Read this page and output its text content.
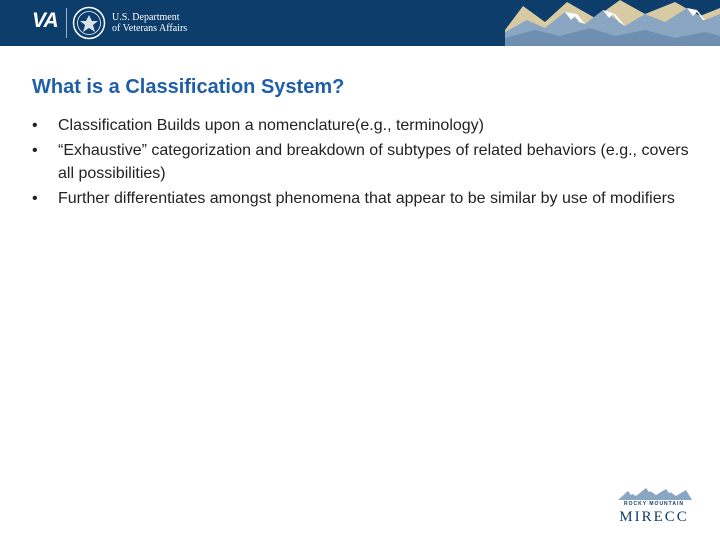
VA	U.S. Department
of Veterans Affairs
What is a Classification System?
• Classification Builds upon a nomenclature(e.g., terminology)
• “Exhaustive” categorization and breakdown of subtypes of related behaviors (e.g., covers all possibilities)
• Further differentiates amongst phenomena that appear to be similar by use of modifiers
ROCKY MOUNTAIN
MIRECC
